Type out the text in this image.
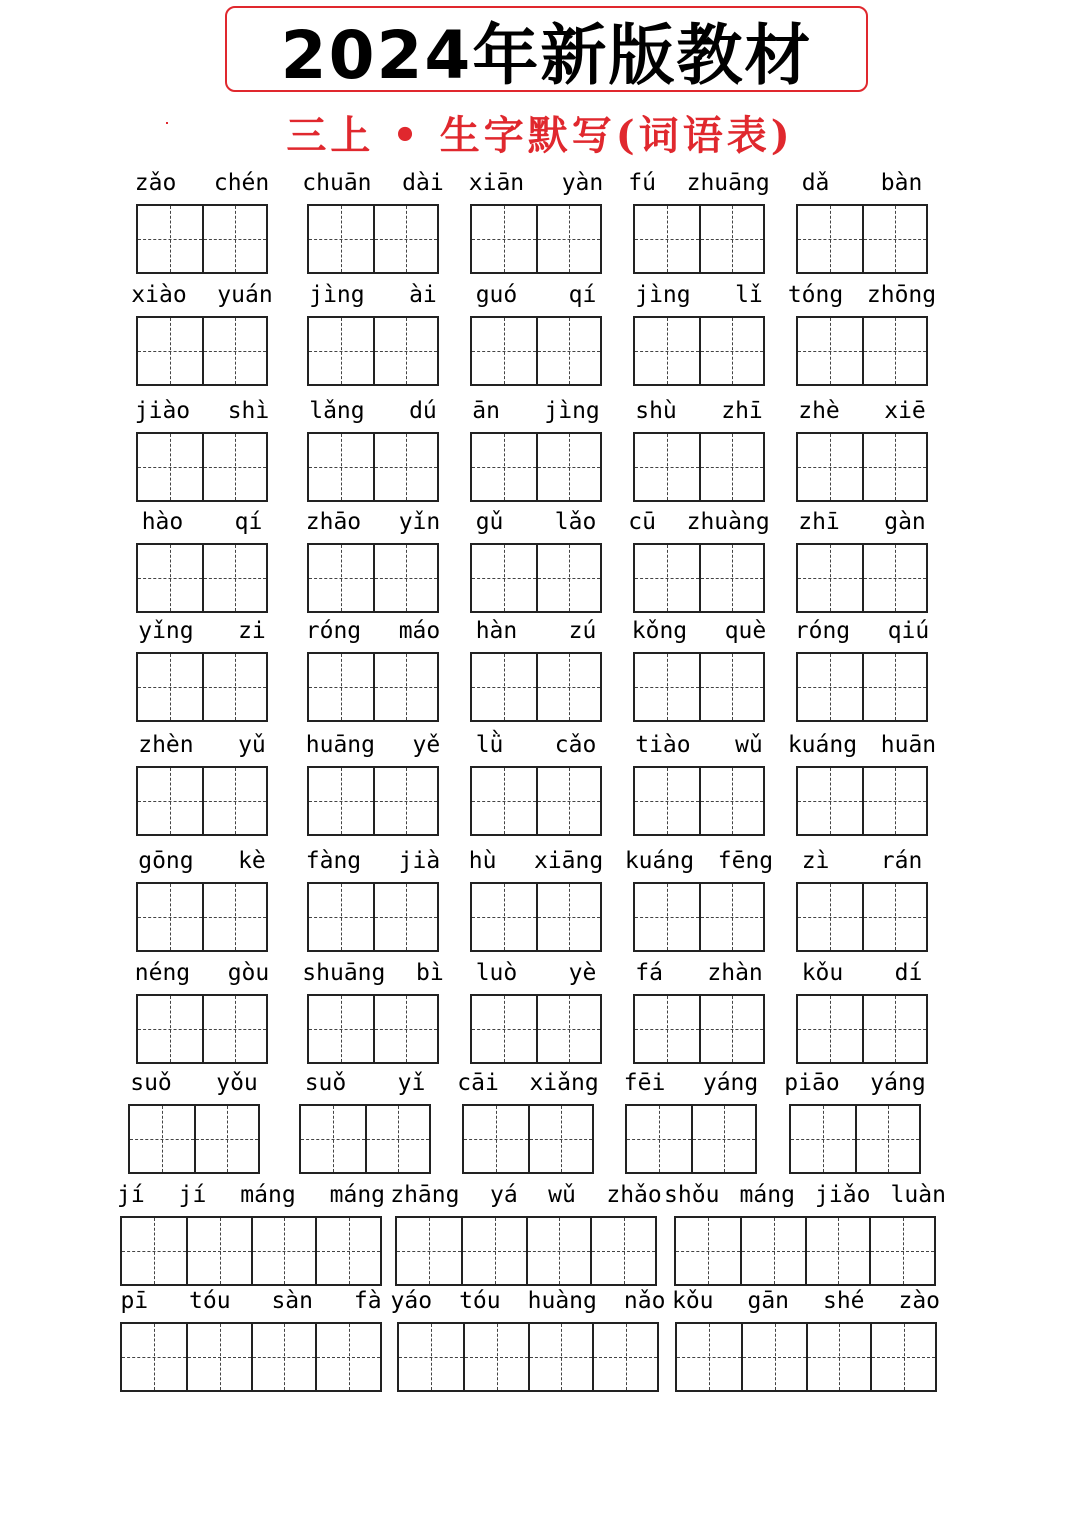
2024年新版教材
三上 • 生字默写(词语表)
zǎo chén chuān dài xiān yàn fú zhuāng dǎ bàn
xiào yuán jìng ài guó qí jìng lǐ tóng zhōng
jiào shì lǎng dú ān jìng shù zhī zhè xiē
hào qí zhāo yǐn gǔ lǎo cū zhuàng zhī gàn
yǐng zi róng máo hàn zú kǒng què róng qiú
zhèn yǔ huāng yě lǜ cǎo tiào wǔ kuáng huān
gōng kè fàng jià hù xiāng kuáng fēng zì rán
néng gòu shuāng bì luò yè fá zhàn kǒu dí
suǒ yǒu suǒ yǐ cāi xiǎng fēi yáng piāo yáng
jí jí máng máng zhāng yá wǔ zhǎo shǒu máng jiǎo luàn
pī tóu sàn fà yáo tóu huàng nǎo kǒu gān shé zào
